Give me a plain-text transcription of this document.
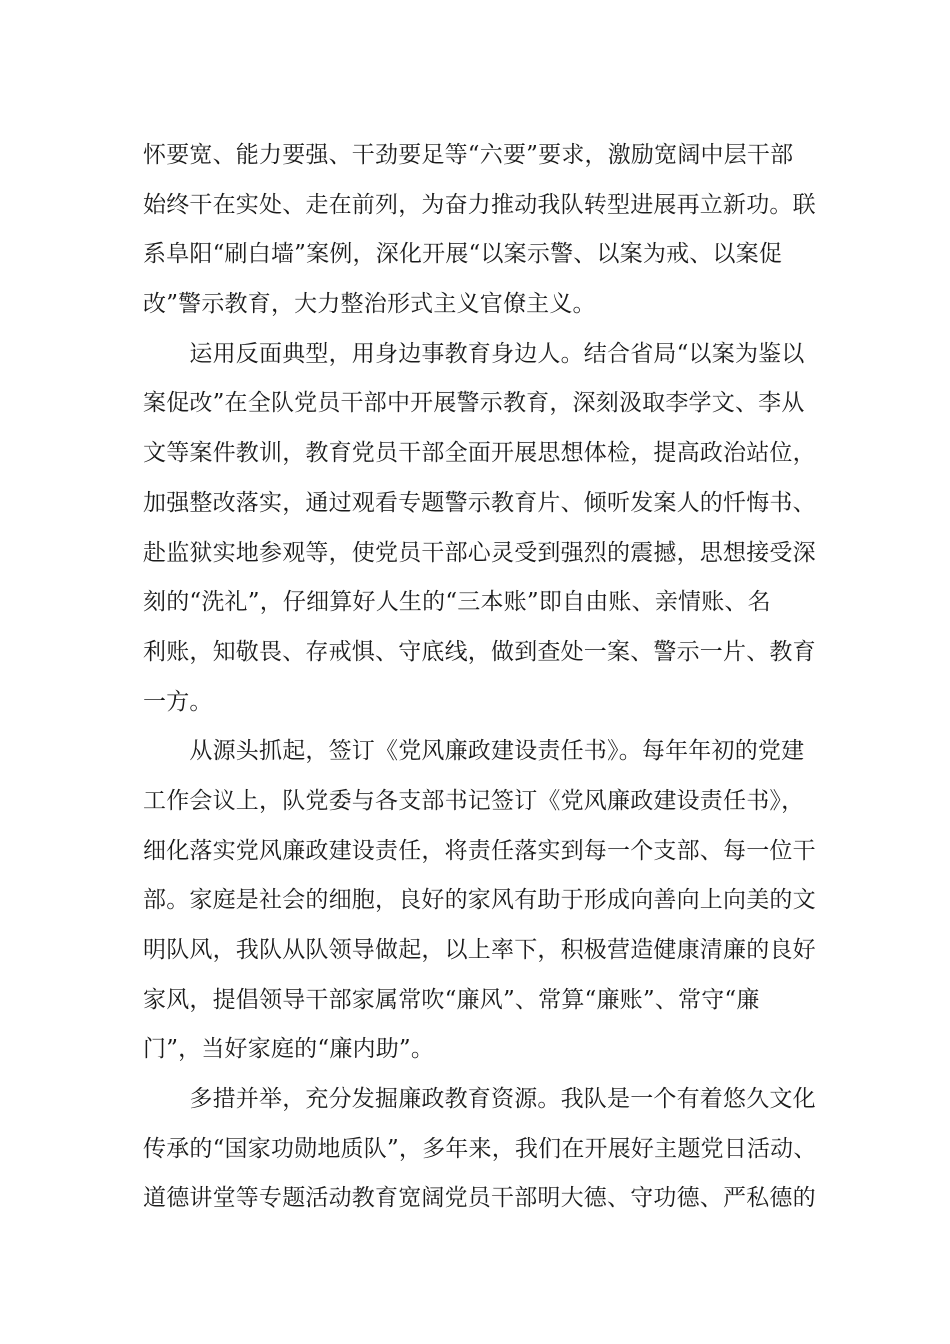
怀要宽、能力要强、干劲要足等“六要”要求，激励宽阔中层干部
始终干在实处、走在前列，为奋力推动我队转型进展再立新功。联
系阜阳“刷白墙”案例，深化开展“以案示警、以案为戒、以案促
改”警示教育，大力整治形式主义官僚主义。
　　运用反面典型，用身边事教育身边人。结合省局“以案为鉴以
案促改”在全队党员干部中开展警示教育，深刻汲取李学文、李从
文等案件教训，教育党员干部全面开展思想体检，提高政治站位，
加强整改落实，通过观看专题警示教育片、倾听发案人的忏悔书、
赴监狱实地参观等，使党员干部心灵受到强烈的震撼，思想接受深
刻的“洗礼”，仔细算好人生的“三本账”即自由账、亲情账、名
利账，知敬畏、存戒惧、守底线，做到查处一案、警示一片、教育
一方。
　　从源头抓起，签订《党风廉政建设责任书》。每年年初的党建
工作会议上，队党委与各支部书记签订《党风廉政建设责任书》，
细化落实党风廉政建设责任，将责任落实到每一个支部、每一位干
部。家庭是社会的细胞，良好的家风有助于形成向善向上向美的文
明队风，我队从队领导做起，以上率下，积极营造健康清廉的良好
家风，提倡领导干部家属常吹“廉风”、常算“廉账”、常守“廉
门”，当好家庭的“廉内助”。
　　多措并举，充分发掘廉政教育资源。我队是一个有着悠久文化
传承的“国家功勋地质队”，多年来，我们在开展好主题党日活动、
道德讲堂等专题活动教育宽阔党员干部明大德、守功德、严私德的
